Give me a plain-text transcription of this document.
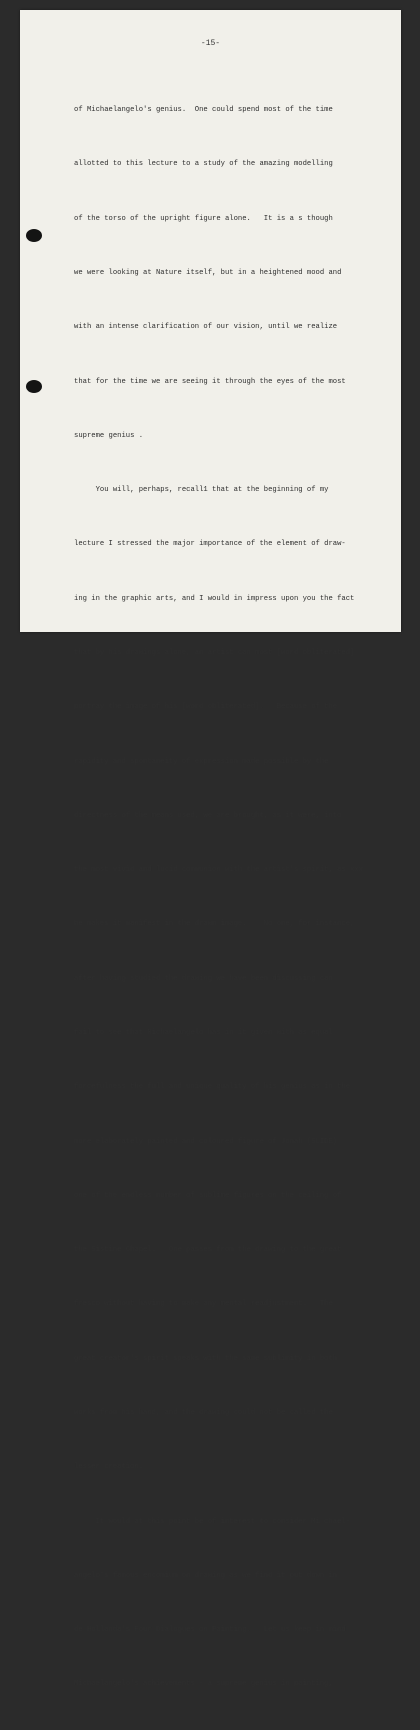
-15-

of Michaelangelo's genius.  One could spend most of the time

allotted to this lecture to a study of the amazing modelling

of the torso of the upright figure alone.   It is a s though

we were looking at Nature itself, but in a heightened mood and

with an intense clarification of our vision, until we realize

that for the time we are seeing it through the eyes of the most

supreme genius .

You will, perhaps, recall1 that at the beginning of my

lecture I stressed the major importance of the element of draw-

ing in the graphic arts, and I would in impress upon you the fact

that by his drawings alone, an artist can most [word obliterated]

portray the image of his [word obliterated].   Because of the

rapidity and spontaneity of expression made possible by the

directness of the means used, we are brought, as it were, into

the most vivid and lucid communion with the artist's spirit, as xxx

he makes it manifest in the drawn image.    No one, for instance,

after having studied the drawing we have been discussing can

fail to see that Michaelangelo has in it given with as equal

forcefulness the full and unique quality of his genius as in the

more elaborately painted and coloured figure of Jonah (SLIDE)

one of the endless number of sublime figures on the ceiling of

the Sistine Chapel.   One passes from the drawing to the great

fresco without having to make any mental readjustment.   The

great creator's spirit speaks with the same sublimity in both

works from his hand, and the drawing could not be called the

lesser creation.

It would at this point be of interest to consider Mi chael-

angelo's famous encomium on drawing as we find it put down in

de Hollanda's Four Dialogues on Painting.   Let us keep in mind

Michaelangelo's achievements - a supreme genius in painting,
